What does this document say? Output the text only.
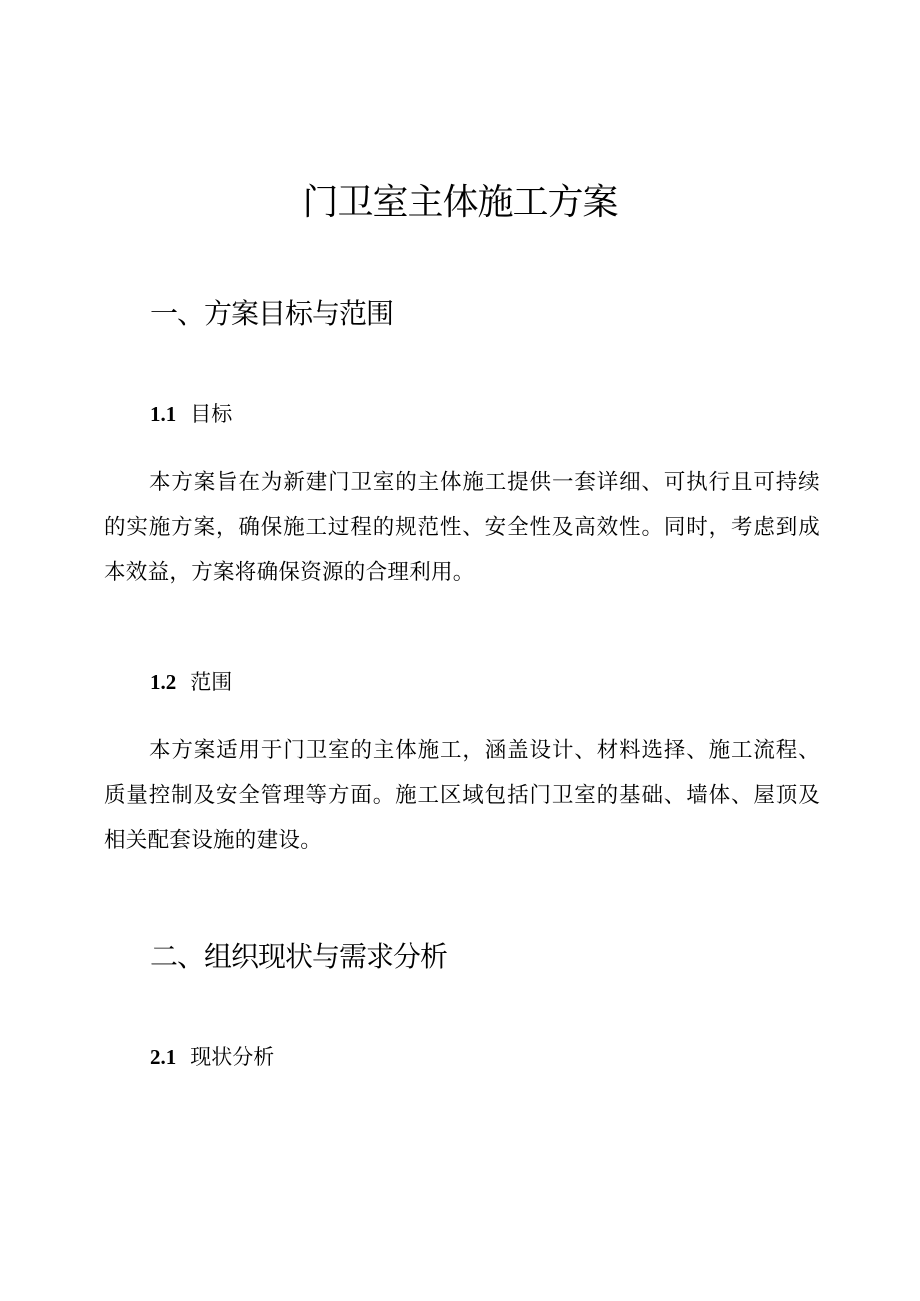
门卫室主体施工方案
一、方案目标与范围
1.1 目标

本方案旨在为新建门卫室的主体施工提供一套详细、可执行且可持续的实施方案，确保施工过程的规范性、安全性及高效性。同时，考虑到成本效益，方案将确保资源的合理利用。

1.2 范围

本方案适用于门卫室的主体施工，涵盖设计、材料选择、施工流程、质量控制及安全管理等方面。施工区域包括门卫室的基础、墙体、屋顶及相关配套设施的建设。

二、组织现状与需求分析
2.1 现状分析
